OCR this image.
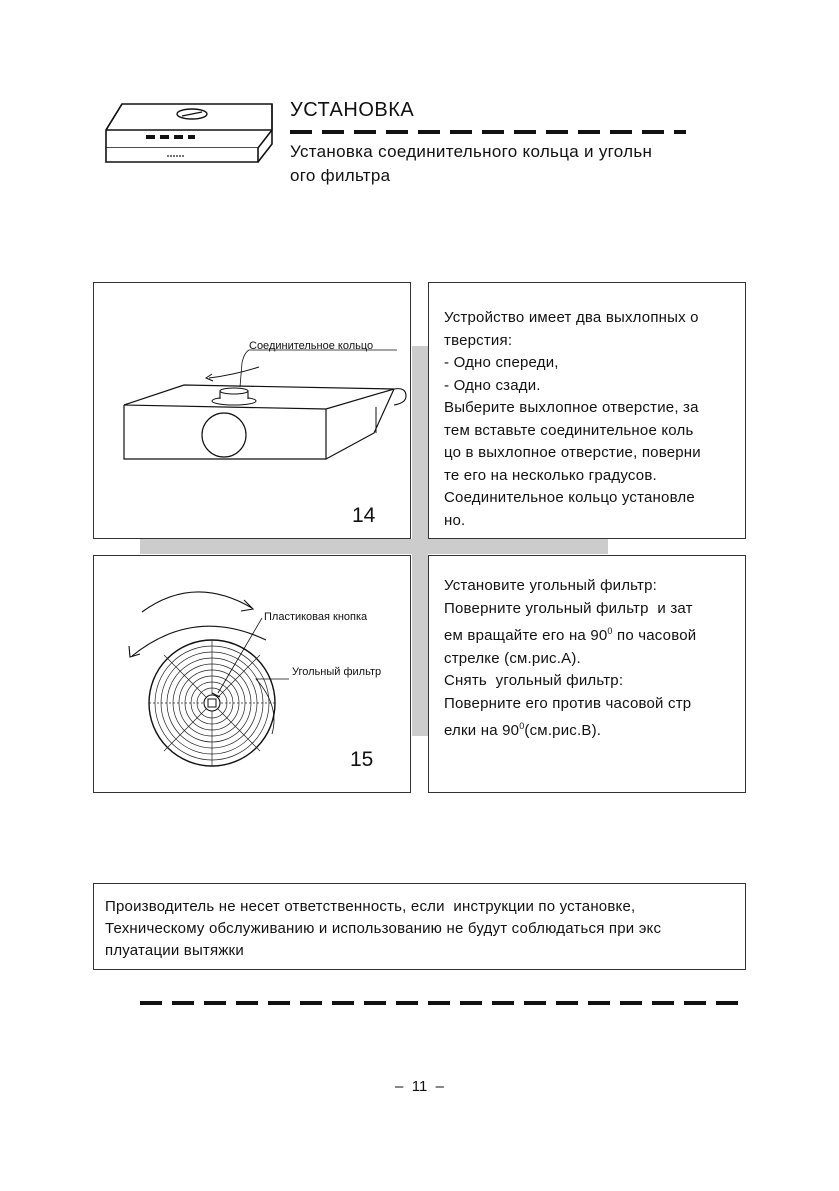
УСТАНОВКА
Установка соединительного кольца и угольн
ого фильтра
Соединительное кольцо
14
Устройство имеет два выхлопных о
тверстия:
- Одно спереди,
- Одно сзади.
Выберите выхлопное отверстие, за
тем вставьте соединительное коль
цо в выхлопное отверстие, поверни
те его на несколько градусов.
Соединительное кольцо установле
но.
Пластиковая кнопка
Угольный фильтр
15
Установите угольный фильтр:
Поверните угольный фильтр  и зат
ем вращайте его на $90^0$ по часовой
стрелке (см.рис.А).
Снять  угольный фильтр:
Поверните его против часовой стр
елки на $90^0(см.рис.В)$.
Производитель не несет ответственность, если  инструкции по установке,
Техническому обслуживанию и использованию не будут соблюдаться при экс
плуатации вытяжки
–  11  –
